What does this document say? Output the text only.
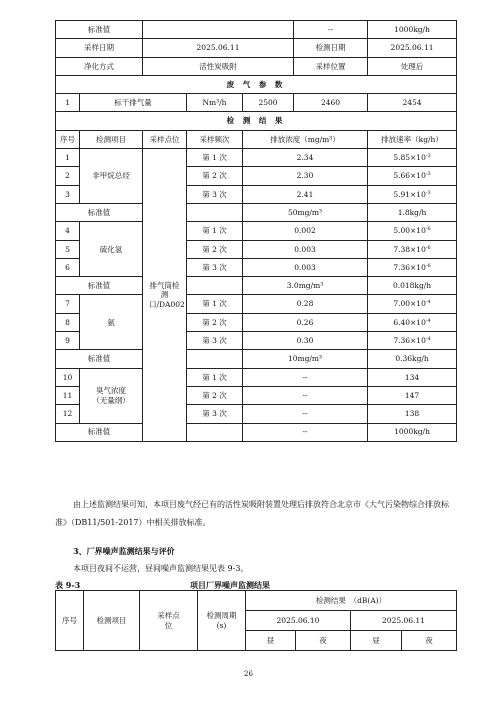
标准值					--	1000kg/h
采样日期		2025.06.11			检测日期	2025.06.11
净化方式		活性炭吸附			采样位置	处理后
废 气 参 数						
1	标干排气量		Nm³/h	2500	2460	2454
检 测 结 果						
序号	检测项目	采样点位	采样频次	排放浓度（mg/m³）		排放速率（kg/h）
1	非甲烷总烃	排气筒检测口/DA002	第 1 次	2.34		$5.85\times 10^{-3}$
2			第 2 次	2.30		$5.66\times 10^{-3}$
3			第 3 次	2.41		$5.91\times 10^{-3}$
标准值				50mg/m³		1.8kg/h
4	硫化氢		第 1 次	0.002		$5.00\times 10^{-6}$
5			第 2 次	0.003		$7.38\times 10^{-6}$
6			第 3 次	0.003		$7.36\times 10^{-6}$
标准值				3.0mg/m³		0.018kg/h
7	氨		第 1 次	0.28		$7.00\times 10^{-4}$
8			第 2 次	0.26		$6.40\times 10^{-4}$
9			第 3 次	0.30		$7.36\times 10^{-4}$
标准值				10mg/m³		0.36kg/h
10	臭气浓度（无量纲）		第 1 次	--		134
11			第 2 次	--		147
12			第 3 次	--		138
标准值				--		1000kg/h
由上述监测结果可知，本项目废气经已有的活性炭吸附装置处理后排放符合北京市《大气污染物综合排放标准》（DB11/501-2017）中相关排放标准。
3、厂界噪声监测结果与评价
本项目夜间不运营，昼间噪声监测结果见表 9-3。
表 9-3	项目厂界噪声监测结果
序号	检测项目	采样点位	检测周期(s)	检测结果　（dB(A)）			
				2025.06.10		2025.06.11	
				昼	夜	昼	夜
26
